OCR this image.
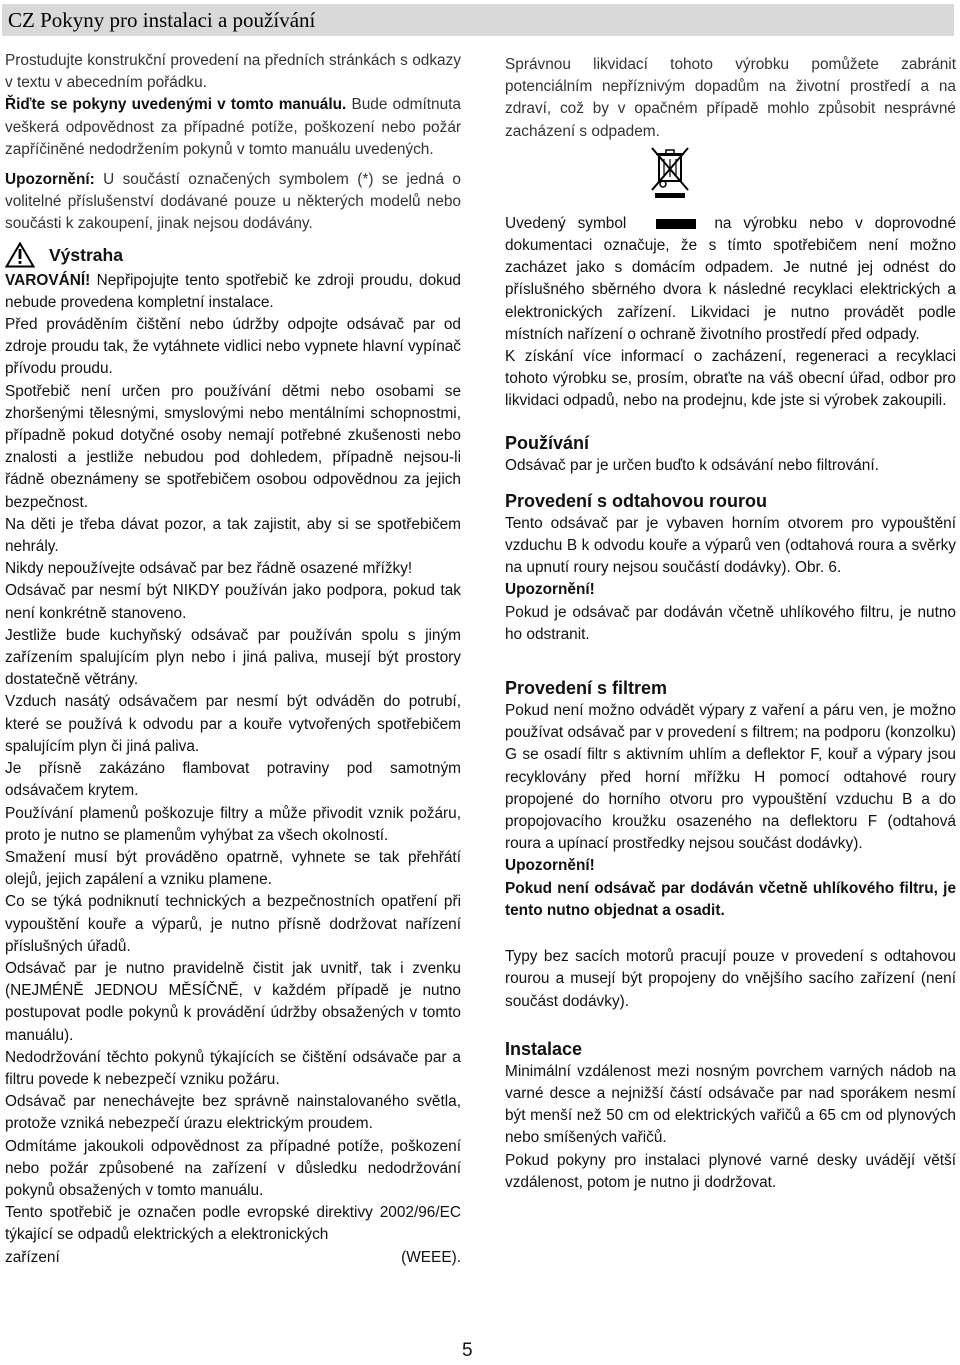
CZ Pokyny pro instalaci a používání

Prostudujte konstrukční provedení na předních stránkách s odkazy v textu v abecedním pořádku.

Řiďte se pokyny uvedenými v tomto manuálu. Bude odmítnuta veškerá odpovědnost za případné potíže, poškození nebo požár zapříčiněné nedodržením pokynů v tomto manuálu uvedených.

Upozornění: U součástí označených symbolem (*) se jedná o volitelné příslušenství dodávané pouze u některých modelů nebo součásti k zakoupení, jinak nejsou dodávány.

Výstraha

VAROVÁNÍ! Nepřipojujte tento spotřebič ke zdroji proudu, dokud nebude provedena kompletní instalace.

Před prováděním čištění nebo údržby odpojte odsávač par od zdroje proudu tak, že vytáhnete vidlici nebo vypnete hlavní vypínač přívodu proudu.

Spotřebič není určen pro používání dětmi nebo osobami se zhoršenými tělesnými, smyslovými nebo mentálními schopnostmi, případně pokud dotyčné osoby nemají potřebné zkušenosti nebo znalosti a jestliže nebudou pod dohledem, případně nejsou-li řádně obeznámeny se spotřebičem osobou odpovědnou za jejich bezpečnost.

Na děti je třeba dávat pozor, a tak zajistit, aby si se spotřebičem nehrály.

Nikdy nepoužívejte odsávač par bez řádně osazené mřížky!

Odsávač par nesmí být NIKDY používán jako podpora, pokud tak není konkrétně stanoveno.

Jestliže bude kuchyňský odsávač par používán spolu s jiným zařízením spalujícím plyn nebo i jiná paliva, musejí být prostory dostatečně větrány.

Vzduch nasátý odsávačem par nesmí být odváděn do potrubí, které se používá k odvodu par a kouře vytvořených spotřebičem spalujícím plyn či jiná paliva.

Je přísně zakázáno flambovat potraviny pod samotným odsávačem krytem.

Používání plamenů poškozuje filtry a může přivodit vznik požáru, proto je nutno se plamenům vyhýbat za všech okolností.

Smažení musí být prováděno opatrně, vyhnete se tak přehřátí olejů, jejich zapálení a vzniku plamene.

Co se týká podniknutí technických a bezpečnostních opatření při vypouštění kouře a výparů, je nutno přísně dodržovat nařízení příslušných úřadů.

Odsávač par je nutno pravidelně čistit jak uvnitř, tak i zvenku (NEJMÉNĚ JEDNOU MĚSÍČNĚ, v každém případě je nutno postupovat podle pokynů k provádění údržby obsažených v tomto manuálu).

Nedodržování těchto pokynů týkajících se čištění odsávače par a filtru povede k nebezpečí vzniku požáru.

Odsávač par nenechávejte bez správně nainstalovaného světla, protože vzniká nebezpečí úrazu elektrickým proudem.

Odmítáme jakoukoli odpovědnost za případné potíže, poškození nebo požár způsobené na zařízení v důsledku nedodržování pokynů obsažených v tomto manuálu.

Tento spotřebič je označen podle evropské direktivy 2002/96/EC týkající se odpadů elektrických a elektronických

zařízení	(WEEE).

Správnou likvidací tohoto výrobku pomůžete zabránit potenciálním nepříznivým dopadům na životní prostředí a na zdraví, což by v opačném případě mohlo způsobit nesprávné zacházení s odpadem.

Uvedený symbol	na výrobku nebo v doprovodné dokumentaci označuje, že s tímto spotřebičem není možno zacházet jako s domácím odpadem. Je nutné jej odnést do příslušného sběrného dvora k následné recyklaci elektrických a elektronických zařízení. Likvidaci je nutno provádět podle místních nařízení o ochraně životního prostředí před odpady.

K získání více informací o zacházení, regeneraci a recyklaci tohoto výrobku se, prosím, obraťte na váš obecní úřad, odbor pro likvidaci odpadů, nebo na prodejnu, kde jste si výrobek zakoupili.

Používání

Odsávač par je určen buďto k odsávání nebo filtrování.

Provedení s odtahovou rourou

Tento odsávač par je vybaven horním otvorem pro vypouštění vzduchu B k odvodu kouře a výparů ven (odtahová roura a svěrky na upnutí roury nejsou součástí dodávky). Obr. 6.

Upozornění!

Pokud je odsávač par dodáván včetně uhlíkového filtru, je nutno ho odstranit.

Provedení s filtrem

Pokud není možno odvádět výpary z vaření a páru ven, je možno používat odsávač par v provedení s filtrem; na podporu (konzolku) G se osadí filtr s aktivním uhlím a deflektor F, kouř a výpary jsou recyklovány před horní mřížku H pomocí odtahové roury propojené do horního otvoru pro vypouštění vzduchu B a do propojovacího kroužku osazeného na deflektoru F (odtahová roura a upínací prostředky nejsou součást dodávky).

Upozornění!

Pokud není odsávač par dodáván včetně uhlíkového filtru, je tento nutno objednat a osadit.

Typy bez sacích motorů pracují pouze v provedení s odtahovou rourou a musejí být propojeny do vnějšího sacího zařízení (není součást dodávky).

Instalace

Minimální vzdálenost mezi nosným povrchem varných nádob na varné desce a nejnižší částí odsávače par nad sporákem nesmí být menší než 50 cm od elektrických vařičů a 65 cm od plynových nebo smíšených vařičů.

Pokud pokyny pro instalaci plynové varné desky uvádějí větší vzdálenost, potom je nutno ji dodržovat.

5
